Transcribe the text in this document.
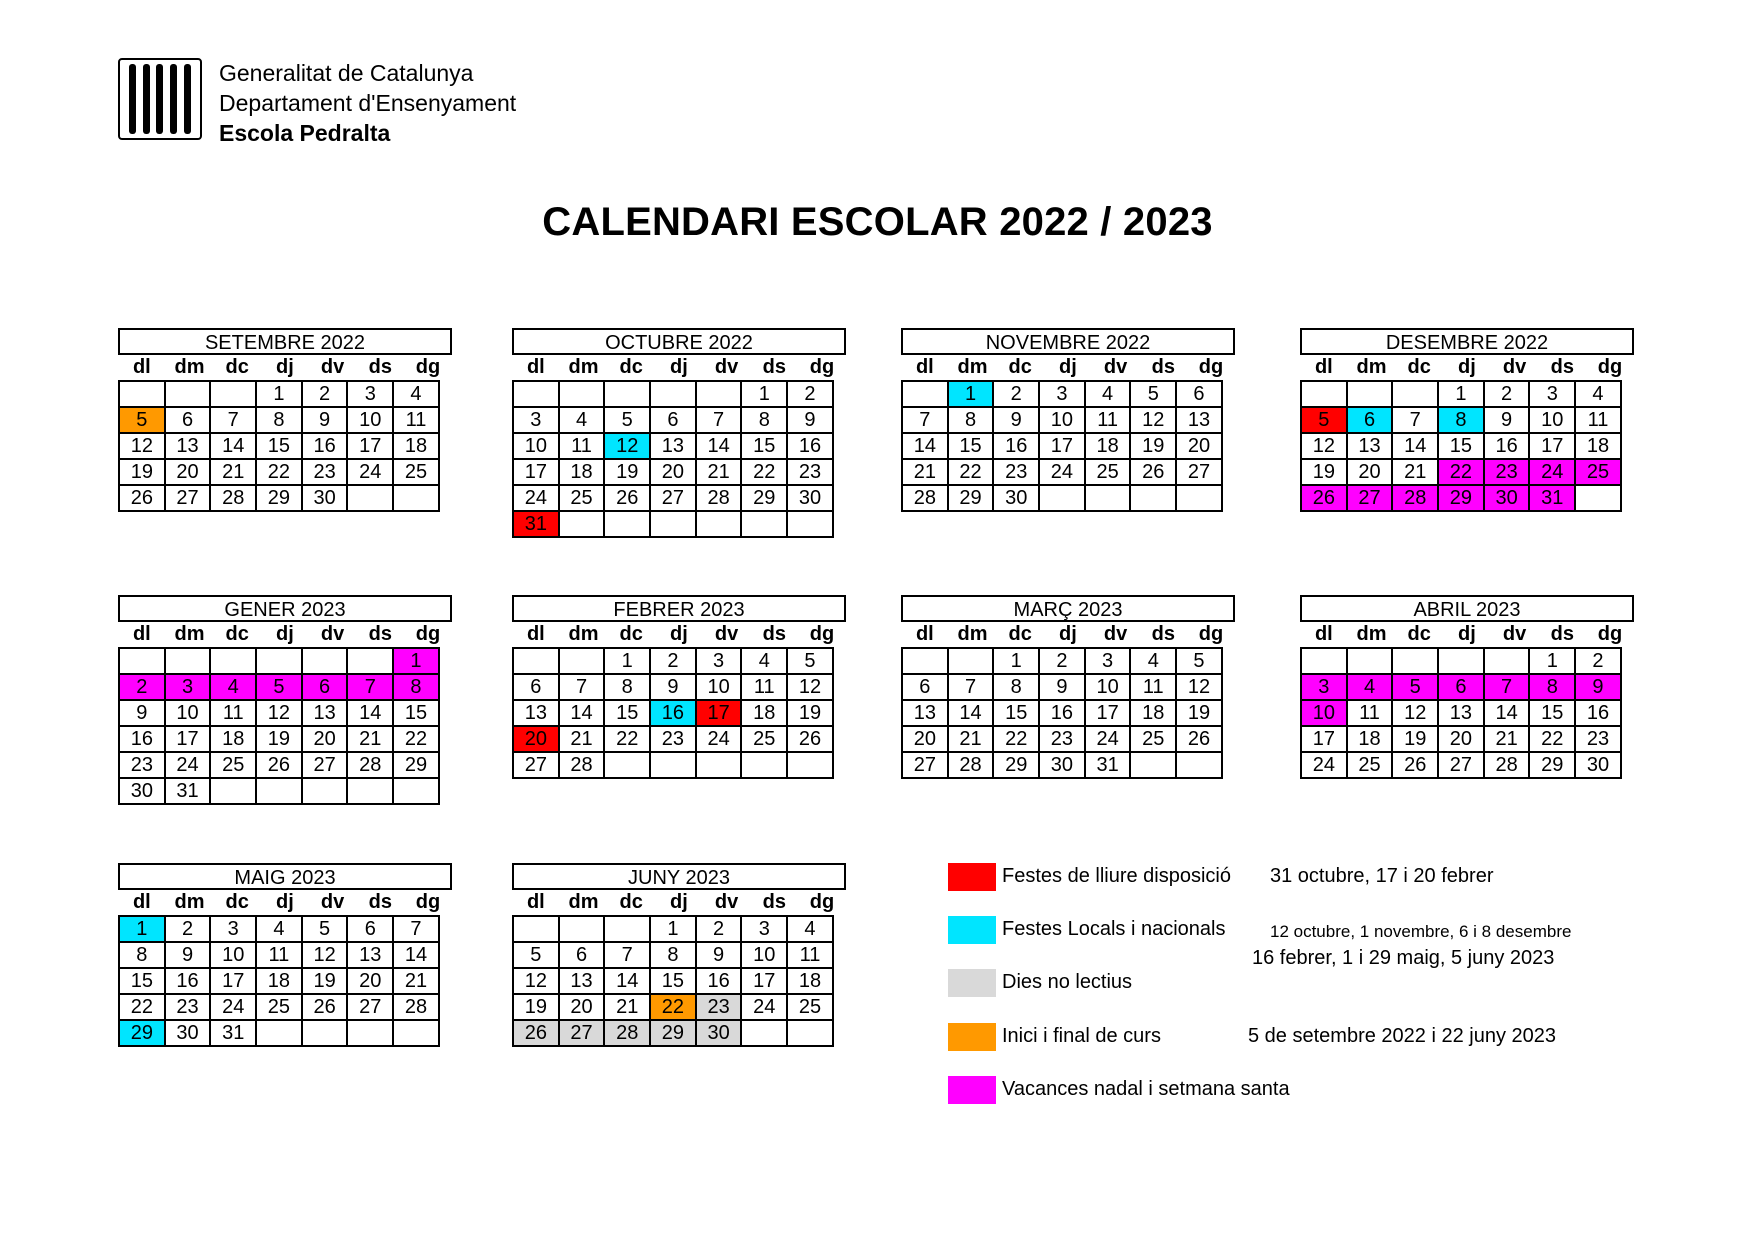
Generalitat de Catalunya
Departament d'Ensenyament
Escola Pedralta
CALENDARI ESCOLAR 2022 / 2023
SETEMBRE 2022
dl	dm	dc	dj	dv	ds	dg
			1	2	3	4
5	6	7	8	9	10	11
12	13	14	15	16	17	18
19	20	21	22	23	24	25
26	27	28	29	30		
OCTUBRE 2022
dl	dm	dc	dj	dv	ds	dg
					1	2
3	4	5	6	7	8	9
10	11	12	13	14	15	16
17	18	19	20	21	22	23
24	25	26	27	28	29	30
31						
NOVEMBRE 2022
dl	dm	dc	dj	dv	ds	dg
	1	2	3	4	5	6
7	8	9	10	11	12	13
14	15	16	17	18	19	20
21	22	23	24	25	26	27
28	29	30				
DESEMBRE 2022
dl	dm	dc	dj	dv	ds	dg
			1	2	3	4
5	6	7	8	9	10	11
12	13	14	15	16	17	18
19	20	21	22	23	24	25
26	27	28	29	30	31	
GENER 2023
dl	dm	dc	dj	dv	ds	dg
						1
2	3	4	5	6	7	8
9	10	11	12	13	14	15
16	17	18	19	20	21	22
23	24	25	26	27	28	29
30	31					
FEBRER 2023
dl	dm	dc	dj	dv	ds	dg
		1	2	3	4	5
6	7	8	9	10	11	12
13	14	15	16	17	18	19
20	21	22	23	24	25	26
27	28					
MARÇ 2023
dl	dm	dc	dj	dv	ds	dg
		1	2	3	4	5
6	7	8	9	10	11	12
13	14	15	16	17	18	19
20	21	22	23	24	25	26
27	28	29	30	31		
ABRIL 2023
dl	dm	dc	dj	dv	ds	dg
					1	2
3	4	5	6	7	8	9
10	11	12	13	14	15	16
17	18	19	20	21	22	23
24	25	26	27	28	29	30
MAIG 2023
dl	dm	dc	dj	dv	ds	dg
1	2	3	4	5	6	7
8	9	10	11	12	13	14
15	16	17	18	19	20	21
22	23	24	25	26	27	28
29	30	31				
JUNY 2023
dl	dm	dc	dj	dv	ds	dg
			1	2	3	4
5	6	7	8	9	10	11
12	13	14	15	16	17	18
19	20	21	22	23	24	25
26	27	28	29	30		
Festes de lliure disposició 31 octubre, 17 i 20 febrer
Festes Locals i nacionals	12 octubre, 1 novembre, 6 i 8 desembre
16 febrer, 1 i 29 maig, 5 juny 2023
Dies no lectius
Inici i final de curs	5 de setembre 2022 i 22 juny 2023
Vacances nadal i setmana santa
